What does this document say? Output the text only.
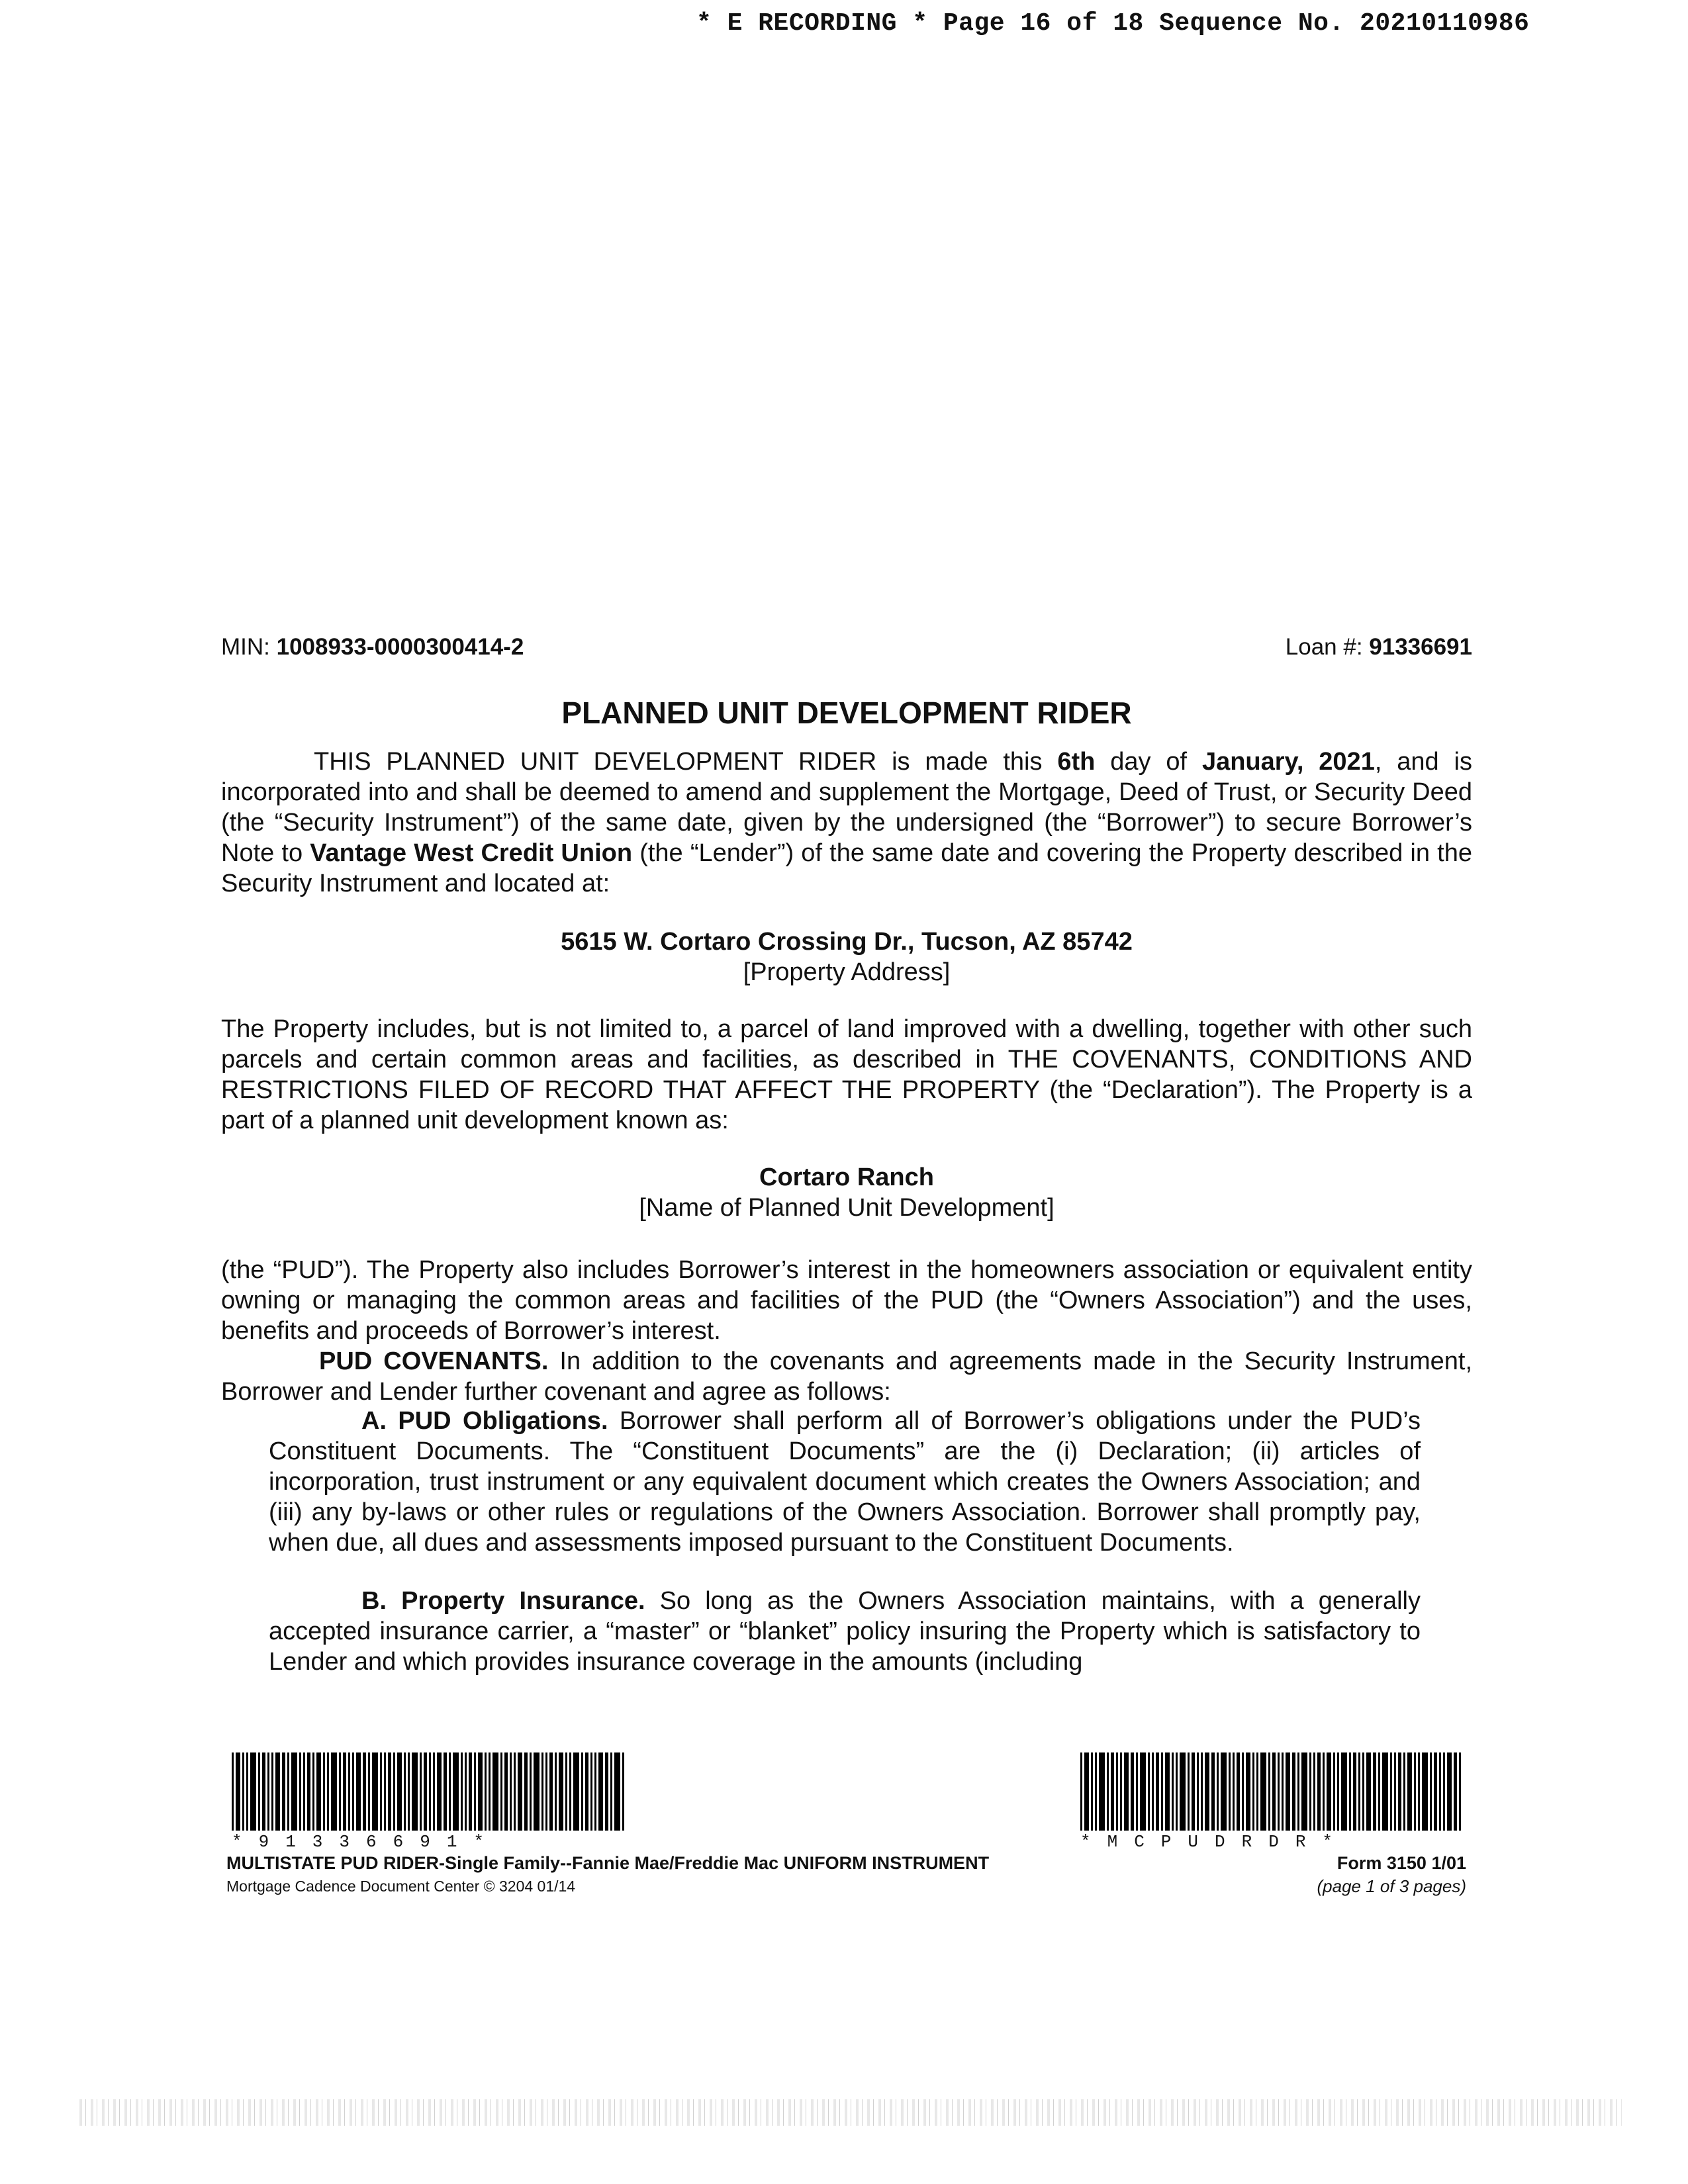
* E RECORDING * Page 16 of 18 Sequence No. 20210110986
MIN: 1008933-0000300414-2	Loan #: 91336691
PLANNED UNIT DEVELOPMENT RIDER
THIS PLANNED UNIT DEVELOPMENT RIDER is made this 6th day of January, 2021, and is incorporated into and shall be deemed to amend and supplement the Mortgage, Deed of Trust, or Security Deed (the “Security Instrument”) of the same date, given by the undersigned (the “Borrower”) to secure Borrower’s Note to Vantage West Credit Union (the “Lender”) of the same date and covering the Property described in the Security Instrument and located at:
5615 W. Cortaro Crossing Dr., Tucson, AZ 85742
[Property Address]
The Property includes, but is not limited to, a parcel of land improved with a dwelling, together with other such parcels and certain common areas and facilities, as described in THE COVENANTS, CONDITIONS AND RESTRICTIONS FILED OF RECORD THAT AFFECT THE PROPERTY (the “Declaration”). The Property is a part of a planned unit development known as:
Cortaro Ranch
[Name of Planned Unit Development]
(the “PUD”). The Property also includes Borrower’s interest in the homeowners association or equivalent entity owning or managing the common areas and facilities of the PUD (the “Owners Association”) and the uses, benefits and proceeds of Borrower’s interest.
PUD COVENANTS. In addition to the covenants and agreements made in the Security Instrument, Borrower and Lender further covenant and agree as follows:
A. PUD Obligations. Borrower shall perform all of Borrower’s obligations under the PUD’s Constituent Documents. The “Constituent Documents” are the (i) Declaration; (ii) articles of incorporation, trust instrument or any equivalent document which creates the Owners Association; and (iii) any by-laws or other rules or regulations of the Owners Association. Borrower shall promptly pay, when due, all dues and assessments imposed pursuant to the Constituent Documents.
B. Property Insurance. So long as the Owners Association maintains, with a generally accepted insurance carrier, a “master” or “blanket” policy insuring the Property which is satisfactory to Lender and which provides insurance coverage in the amounts (including
*91336691*	*MCPUDRDR*
MULTISTATE PUD RIDER-Single Family--Fannie Mae/Freddie Mac UNIFORM INSTRUMENT
Mortgage Cadence Document Center © 3204 01/14
Form 3150 1/01
(page 1 of 3 pages)
